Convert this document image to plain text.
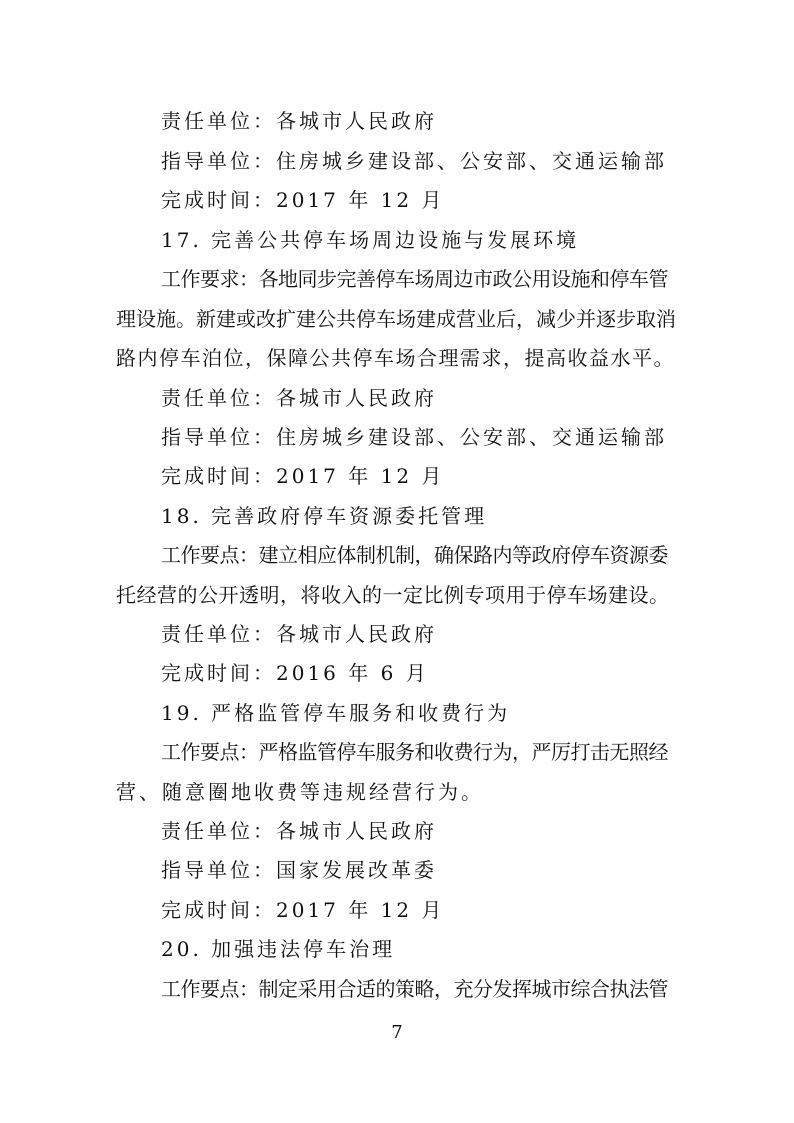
责任单位：各城市人民政府
指导单位：住房城乡建设部、公安部、交通运输部
完成时间：2017 年 12 月
17. 完善公共停车场周边设施与发展环境
工作要求：各地同步完善停车场周边市政公用设施和停车管
理设施。新建或改扩建公共停车场建成营业后，减少并逐步取消
路内停车泊位，保障公共停车场合理需求，提高收益水平。
责任单位：各城市人民政府
指导单位：住房城乡建设部、公安部、交通运输部
完成时间：2017 年 12 月
18. 完善政府停车资源委托管理
工作要点：建立相应体制机制，确保路内等政府停车资源委
托经营的公开透明，将收入的一定比例专项用于停车场建设。
责任单位：各城市人民政府
完成时间：2016 年 6 月
19. 严格监管停车服务和收费行为
工作要点：严格监管停车服务和收费行为，严厉打击无照经
营、随意圈地收费等违规经营行为。
责任单位：各城市人民政府
指导单位：国家发展改革委
完成时间：2017 年 12 月
20. 加强违法停车治理
工作要点：制定采用合适的策略，充分发挥城市综合执法管
7
